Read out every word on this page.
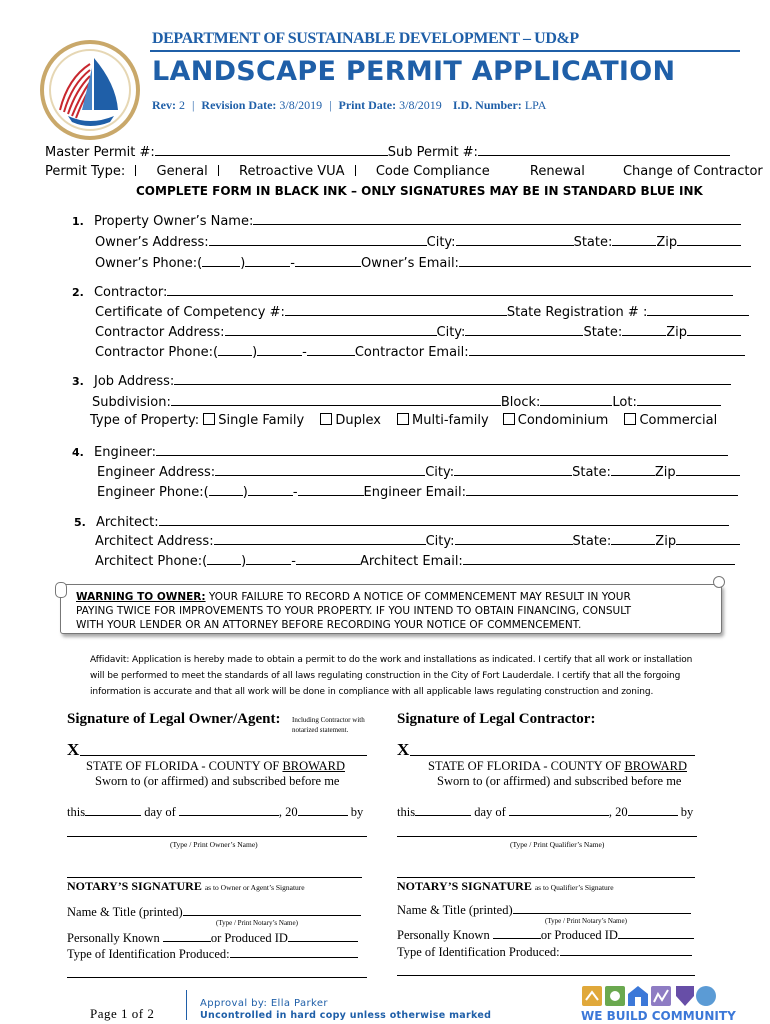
DEPARTMENT OF SUSTAINABLE DEVELOPMENT – UD&P
LANDSCAPE PERMIT APPLICATION
Rev: 2 | Revision Date: 3/8/2019 | Print Date: 3/8/2019 I.D. Number: LPA
Master Permit #:	Sub Permit #:
Permit Type: General Retroactive VUA Code Compliance	Renewal	Change of Contractor
COMPLETE FORM IN BLACK INK – ONLY SIGNATURES MAY BE IN STANDARD BLUE INK
1. Property Owner’s Name:
Owner’s Address:	City:	State:	Zip
Owner’s Phone:(	)	-	Owner’s Email:
2. Contractor:
Certificate of Competency #:	State Registration # :
Contractor Address:	City:	State:	Zip
Contractor Phone:(	)	-	Contractor Email:
3. Job Address:
Subdivision:	Block:	Lot:
Type of Property: Single Family Duplex Multi-family Condominium Commercial
4. Engineer:
Engineer Address:	City:	State:	Zip
Engineer Phone:(	)	-	Engineer Email:
5. Architect:
Architect Address:	City:	State:	Zip
Architect Phone:(	)	-	Architect Email:
WARNING TO OWNER: YOUR FAILURE TO RECORD A NOTICE OF COMMENCEMENT MAY RESULT IN YOUR
PAYING TWICE FOR IMPROVEMENTS TO YOUR PROPERTY. IF YOU INTEND TO OBTAIN FINANCING, CONSULT
WITH YOUR LENDER OR AN ATTORNEY BEFORE RECORDING YOUR NOTICE OF COMMENCEMENT.
Affidavit: Application is hereby made to obtain a permit to do the work and installations as indicated. I certify that all work or installation
will be performed to meet the standards of all laws regulating construction in the City of Fort Lauderdale. I certify that all the forgoing
information is accurate and that all work will be done in compliance with all applicable laws regulating construction and zoning.
Signature of Legal Owner/Agent: Including Contractor with
notarized statement.
X
STATE OF FLORIDA - COUNTY OF BROWARD
Sworn to (or affirmed) and subscribed before me
this	day of	, 20	by
(Type / Print Owner’s Name)
NOTARY’S SIGNATURE as to Owner or Agent’s Signature
Name & Title (printed)
(Type / Print Notary’s Name)
Personally Known	or Produced ID
Type of Identification Produced:
Signature of Legal Contractor:
X
STATE OF FLORIDA - COUNTY OF BROWARD
Sworn to (or affirmed) and subscribed before me
this	day of	, 20	by
(Type / Print Qualifier’s Name)
NOTARY’S SIGNATURE as to Qualifier’s Signature
Name & Title (printed)
(Type / Print Notary’s Name)
Personally Known	or Produced ID
Type of Identification Produced:
Page 1 of 2
Approval by: Ella Parker
Uncontrolled in hard copy unless otherwise marked	WE BUILD COMMUNITY
